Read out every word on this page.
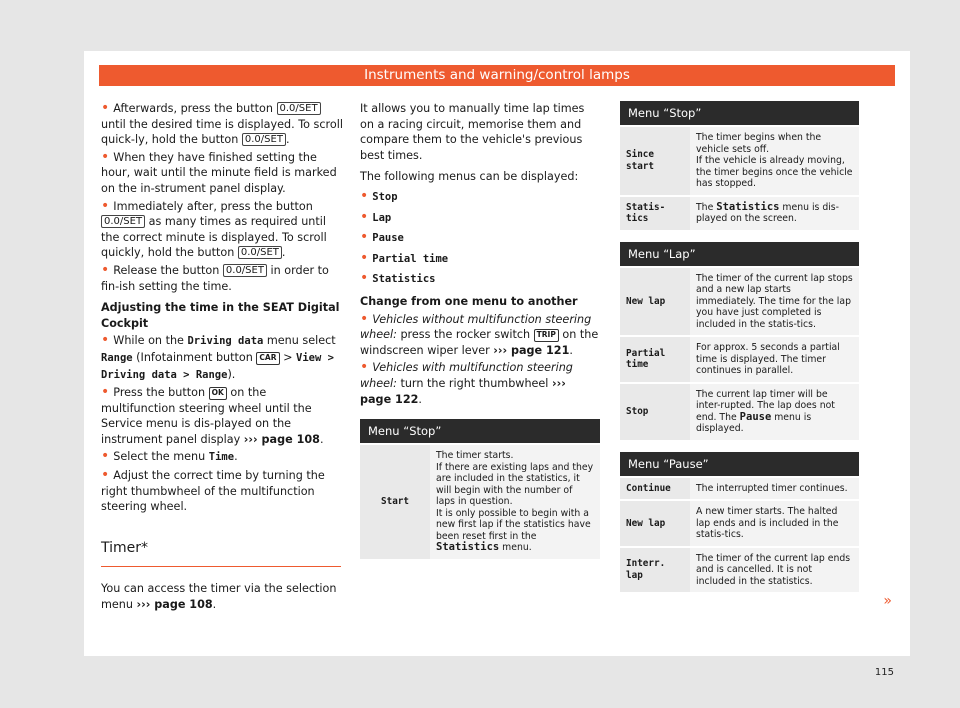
Instruments and warning/control lamps

• Afterwards, press the button 0.0/SET until the desired time is displayed. To scroll quick-ly, hold the button 0.0/SET .

• When they have finished setting the hour, wait until the minute field is marked on the in-strument panel display.

• Immediately after, press the button 0.0/SET as many times as required until the correct minute is displayed. To scroll quickly, hold the button 0.0/SET .

• Release the button 0.0/SET in order to fin-ish setting the time.

Adjusting the time in the SEAT Digital Cockpit

• While on the Driving data menu select Range (Infotainment button CAR > View > Driving data > Range).

• Press the button OK on the multifunction steering wheel until the Service menu is dis-played on the instrument panel display ››› page 108.

• Select the menu Time.

• Adjust the correct time by turning the right thumbwheel of the multifunction steering wheel.

Timer*

You can access the timer via the selection menu ››› page 108.

It allows you to manually time lap times on a racing circuit, memorise them and compare them to the vehicle's previous best times.

The following menus can be displayed:

• Stop
• Lap
• Pause
• Partial time
• Statistics

Change from one menu to another

• Vehicles without multifunction steering wheel: press the rocker switch TRIP on the windscreen wiper lever ››› page 121.

• Vehicles with multifunction steering wheel: turn the right thumbwheel ››› page 122.

Menu “Stop”
Start	The timer starts.
If there are existing laps and they are included in the statistics, it will begin with the number of laps in question.
It is only possible to begin with a new first lap if the statistics have been reset first in the Statistics menu.
Menu “Stop”
Since start	The timer begins when the vehicle sets off.
If the vehicle is already moving, the timer begins once the vehicle has stopped.
Statis-tics	The Statistics menu is dis-played on the screen.
Menu “Lap”
New lap	The timer of the current lap stops and a new lap starts immediately. The time for the lap you have just completed is included in the statis-tics.
Partial time	For approx. 5 seconds a partial time is displayed. The timer continues in parallel.
Stop	The current lap timer will be inter-rupted. The lap does not end. The Pause menu is displayed.
Menu “Pause”
Continue	The interrupted timer continues.
New lap	A new timer starts. The halted lap ends and is included in the statis-tics.
Interr. lap	The timer of the current lap ends and is cancelled. It is not included in the statistics.
115
»
